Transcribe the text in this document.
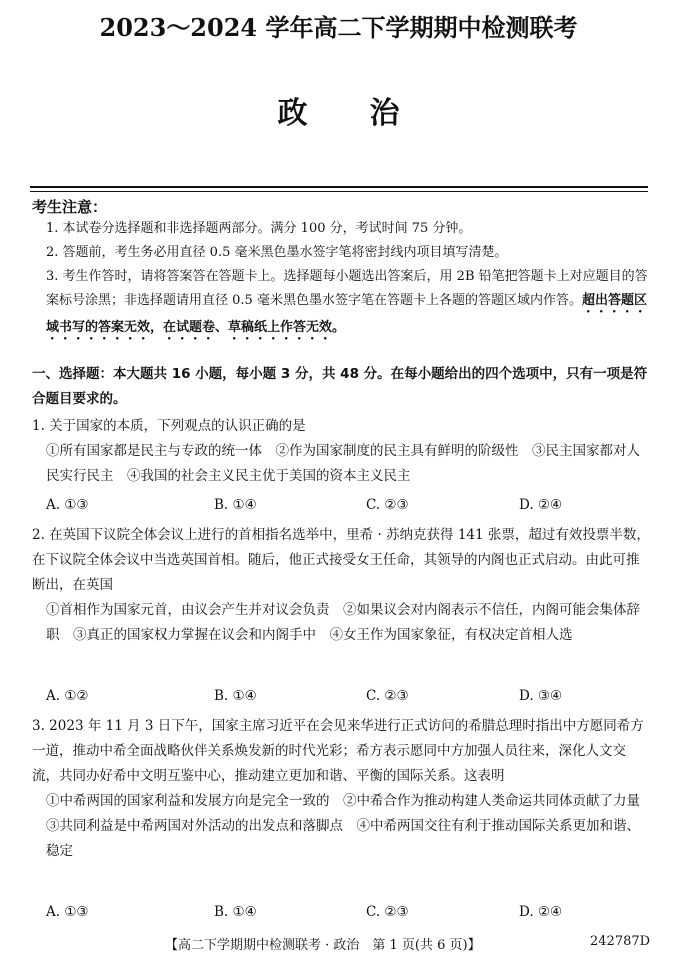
2023～2024 学年高二下学期期中检测联考
政 治
考生注意：
1. 本试卷分选择题和非选择题两部分。满分 100 分，考试时间 75 分钟。
2. 答题前，考生务必用直径 0.5 毫米黑色墨水签字笔将密封线内项目填写清楚。
3. 考生作答时，请将答案答在答题卡上。选择题每小题选出答案后，用 2B 铅笔把答题卡上对应题目的答案标号涂黑；非选择题请用直径 0.5 毫米黑色墨水签字笔在答题卡上各题的答题区域内作答。超出答题区域书写的答案无效，在试题卷、草稿纸上作答无效。
一、选择题：本大题共 16 小题，每小题 3 分，共 48 分。在每小题给出的四个选项中，只有一项是符合题目要求的。
1. 关于国家的本质，下列观点的认识正确的是
①所有国家都是民主与专政的统一体　②作为国家制度的民主具有鲜明的阶级性　③民主国家都对人民实行民主　④我国的社会主义民主优于美国的资本主义民主
A. ①③	B. ①④	C. ②③	D. ②④
2. 在英国下议院全体会议上进行的首相指名选举中，里希 · 苏纳克获得 141 张票，超过有效投票半数，在下议院全体会议中当选英国首相。随后，他正式接受女王任命，其领导的内阁也正式启动。由此可推断出，在英国
①首相作为国家元首，由议会产生并对议会负责　②如果议会对内阁表示不信任，内阁可能会集体辞职　③真正的国家权力掌握在议会和内阁手中　④女王作为国家象征，有权决定首相人选
A. ①②	B. ①④	C. ②③	D. ③④
3. 2023 年 11 月 3 日下午，国家主席习近平在会见来华进行正式访问的希腊总理时指出中方愿同希方一道，推动中希全面战略伙伴关系焕发新的时代光彩；希方表示愿同中方加强人员往来，深化人文交流，共同办好希中文明互鉴中心，推动建立更加和谐、平衡的国际关系。这表明
①中希两国的国家利益和发展方向是完全一致的　②中希合作为推动构建人类命运共同体贡献了力量　③共同利益是中希两国对外活动的出发点和落脚点　④中希两国交往有利于推动国际关系更加和谐、稳定
A. ①③	B. ①④	C. ②③	D. ②④
【高二下学期期中检测联考 · 政治　第 1 页(共 6 页)】	242787D
